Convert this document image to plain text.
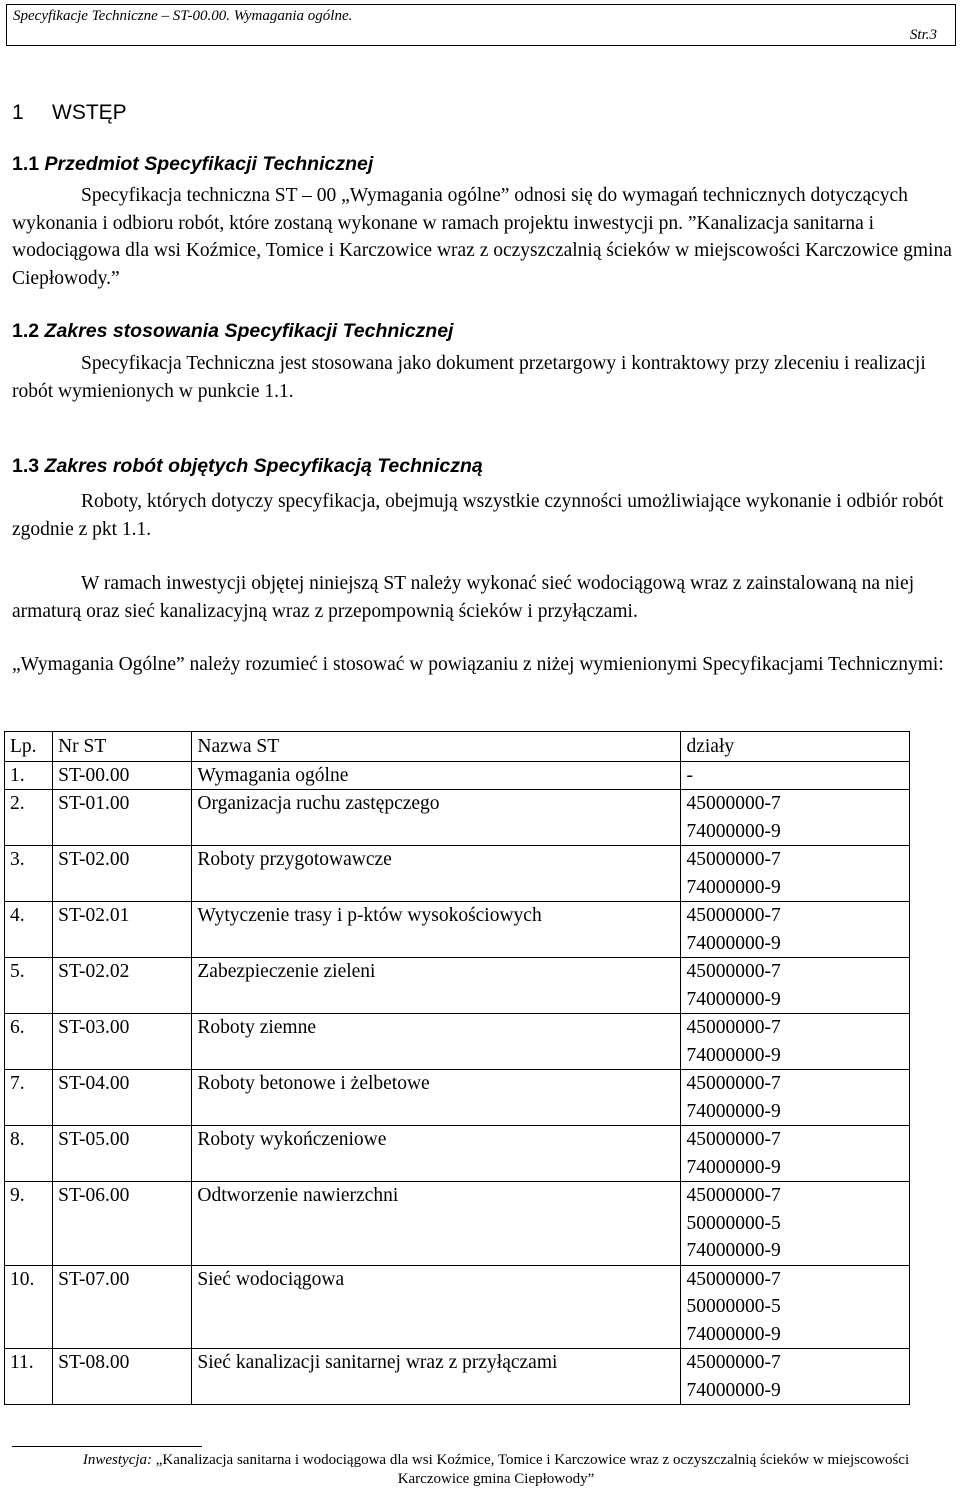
Specyfikacje Techniczne – ST-00.00. Wymagania ogólne.
Str.3
1 WSTĘP
1.1 Przedmiot Specyfikacji Technicznej

Specyfikacja techniczna ST – 00 „Wymagania ogólne” odnosi się do wymagań technicznych dotyczących wykonania i odbioru robót, które zostaną wykonane w ramach projektu inwestycji pn. ”Kanalizacja sanitarna i wodociągowa dla wsi Koźmice, Tomice i Karczowice wraz z oczyszczalnią ścieków w miejscowości Karczowice gmina Ciepłowody.”

1.2 Zakres stosowania Specyfikacji Technicznej

Specyfikacja Techniczna jest stosowana jako dokument przetargowy i kontraktowy przy zleceniu i realizacji robót wymienionych w punkcie 1.1.

1.3 Zakres robót objętych Specyfikacją Techniczną

Roboty, których dotyczy specyfikacja, obejmują wszystkie czynności umożliwiające wykonanie i odbiór robót zgodnie z pkt 1.1.

W ramach inwestycji objętej niniejszą ST należy wykonać sieć wodociągową wraz z zainstalowaną na niej armaturą oraz sieć kanalizacyjną wraz z przepompownią ścieków i przyłączami.

„Wymagania Ogólne” należy rozumieć i stosować w powiązaniu z niżej wymienionymi Specyfikacjami Technicznymi:

Lp.	Nr ST	Nazwa ST	działy
1.	ST-00.00	Wymagania ogólne	-

2.	ST-01.00	Organizacja ruchu zastępczego	45000000-7
74000000-9

3.	ST-02.00	Roboty przygotowawcze	45000000-7
74000000-9

4.	ST-02.01	Wytyczenie trasy i p-któw wysokościowych	45000000-7
74000000-9

5.	ST-02.02	Zabezpieczenie zieleni	45000000-7
74000000-9

6.	ST-03.00	Roboty ziemne	45000000-7
74000000-9

7.	ST-04.00	Roboty betonowe i żelbetowe	45000000-7
74000000-9

8.	ST-05.00	Roboty wykończeniowe	45000000-7
74000000-9

9.	ST-06.00	Odtworzenie nawierzchni	45000000-7
50000000-5
74000000-9

10.	ST-07.00	Sieć wodociągowa	45000000-7
50000000-5
74000000-9

11.	ST-08.00	Sieć kanalizacji sanitarnej wraz z przyłączami	45000000-7
74000000-9
Inwestycja: „Kanalizacja sanitarna i wodociągowa dla wsi Koźmice, Tomice i Karczowice wraz z oczyszczalnią ścieków w miejscowości Karczowice gmina Ciepłowody”
